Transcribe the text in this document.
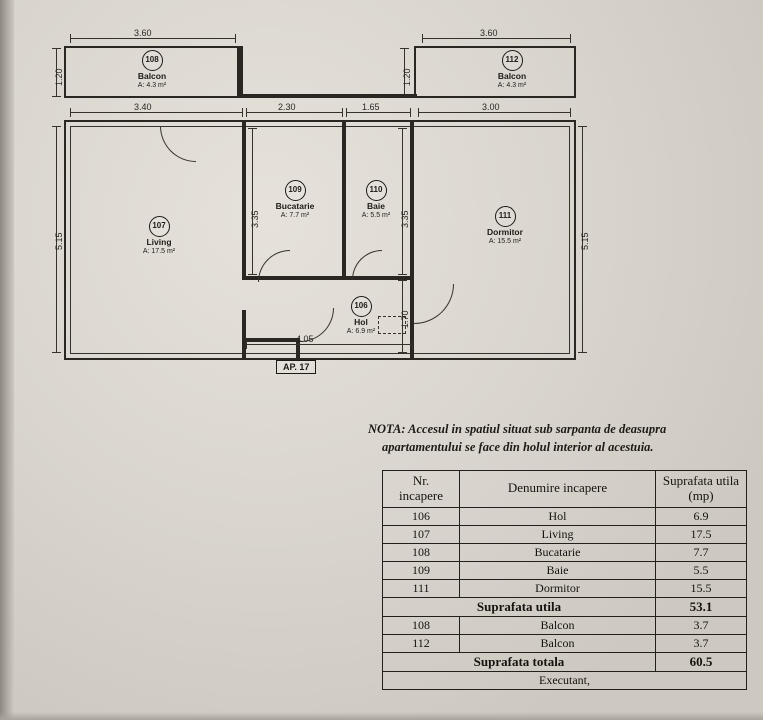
3.60
1.20
108
Balcon
A: 4.3 m²
3.60
1.20
112
Balcon
A: 4.3 m²
3.40	2.30	1.65	3.00
5.15
3.35	3.35
5.15
1.70
4.05
107
Living
A: 17.5 m²
109
Bucatarie
A: 7.7 m²
110
Baie
A: 5.5 m²	111
Dormitor
A: 15.5 m²
106
Hol
A: 6.9 m²
AP. 17
NOTA: Accesul in spatiul situat sub sarpanta de deasupra
apartamentului se face din holul interior al acestuia.
Nr.
incapere	Denumire incapere	Suprafata utila
(mp)

106	Hol	6.9
107	Living	17.5
108	Bucatarie	7.7
109	Baie	5.5
111	Dormitor	15.5
Suprafata utila		53.1
108	Balcon	3.7
112	Balcon	3.7
Suprafata totala		60.5
Executant,		
